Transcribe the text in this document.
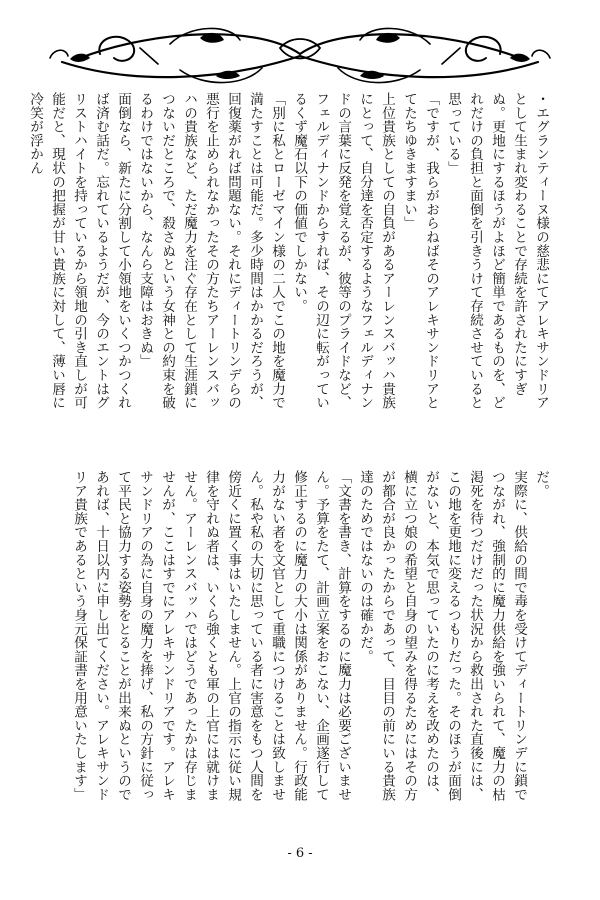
・エグランティーヌ様の慈悲にてアレキサンドリアとして生まれ変わることで存続を許されたにすぎぬ。更地にするほうがよほど簡単であるものを、どれだけの負担と面倒を引きうけて存続させていると思っている」

「ですが、我らがおらねばそのアレキサンドリアとてたちゆきますまい」

上位貴族としての自負があるアーレンスバッハ貴族にとって、自分達を否定するようなフェルディナンドの言葉に反発を覚えるが、彼等のプライドなど、フェルディナンドからすれば、その辺に転がっているくず魔石以下の価値でしかない。

「別に私とローゼマイン様の二人でこの地を魔力で満たすことは可能だ。多少時間はかかるだろうが、回復薬がれば問題ない。それにディートリンデらの悪行を止められなかったその方たちアーレンスバッハの貴族など、ただ魔力を注ぐ存在として生涯鎖につないだところで、殺さぬという女神との約束を破るわけではないから、なんら支障はおきぬ」

面倒なら、新たに分割して小領地をいくつかつくれば済む話だ。忘れているようだが、今のエントはグリストハイトを持っているから領地の引き直しが可能だと、現状の把握が甘い貴族に対して、薄い唇に冷笑が浮かん

だ。

実際に、供給の間で毒を受けてディートリンデに鎖でつながれ、強制的に魔力供給を強いられて、魔力の枯渇死を待つだけだった状況から救出された直後には、この地を更地に変えるつもりだった。そのほうが面倒がないと、本気で思っていたのに考えを改めたのは、横に立つ娘の希望と自身の望みを得るためにはその方が都合が良かったからであって、目目の前にいる貴族達のためではないのは確かだ。

「文書を書き、計算をするのに魔力は必要ございません。予算をたて、計画立案をおこない、企画遂行して修正するのに魔力の大小は関係がありません。行政能力がない者を文官として重職につけることは致しません。私や私の大切に思っている者に害意をもつ人間を傍近くに置く事はいたしません。上官の指示に従い規律を守れぬ者は、いくら強くとも軍の上官には就けません。アーレンスバッハではどうであったかは存じませんが、ここはすでにアレキサンドリアです。アレキサンドリアの為に自身の魔力を捧げ、私の方針に従って平民と協力する姿勢をとることが出来ぬというのであれば、十日以内に申し出てください。アレキサンドリア貴族であるという身元保証書を用意いたします」

- 6 -
